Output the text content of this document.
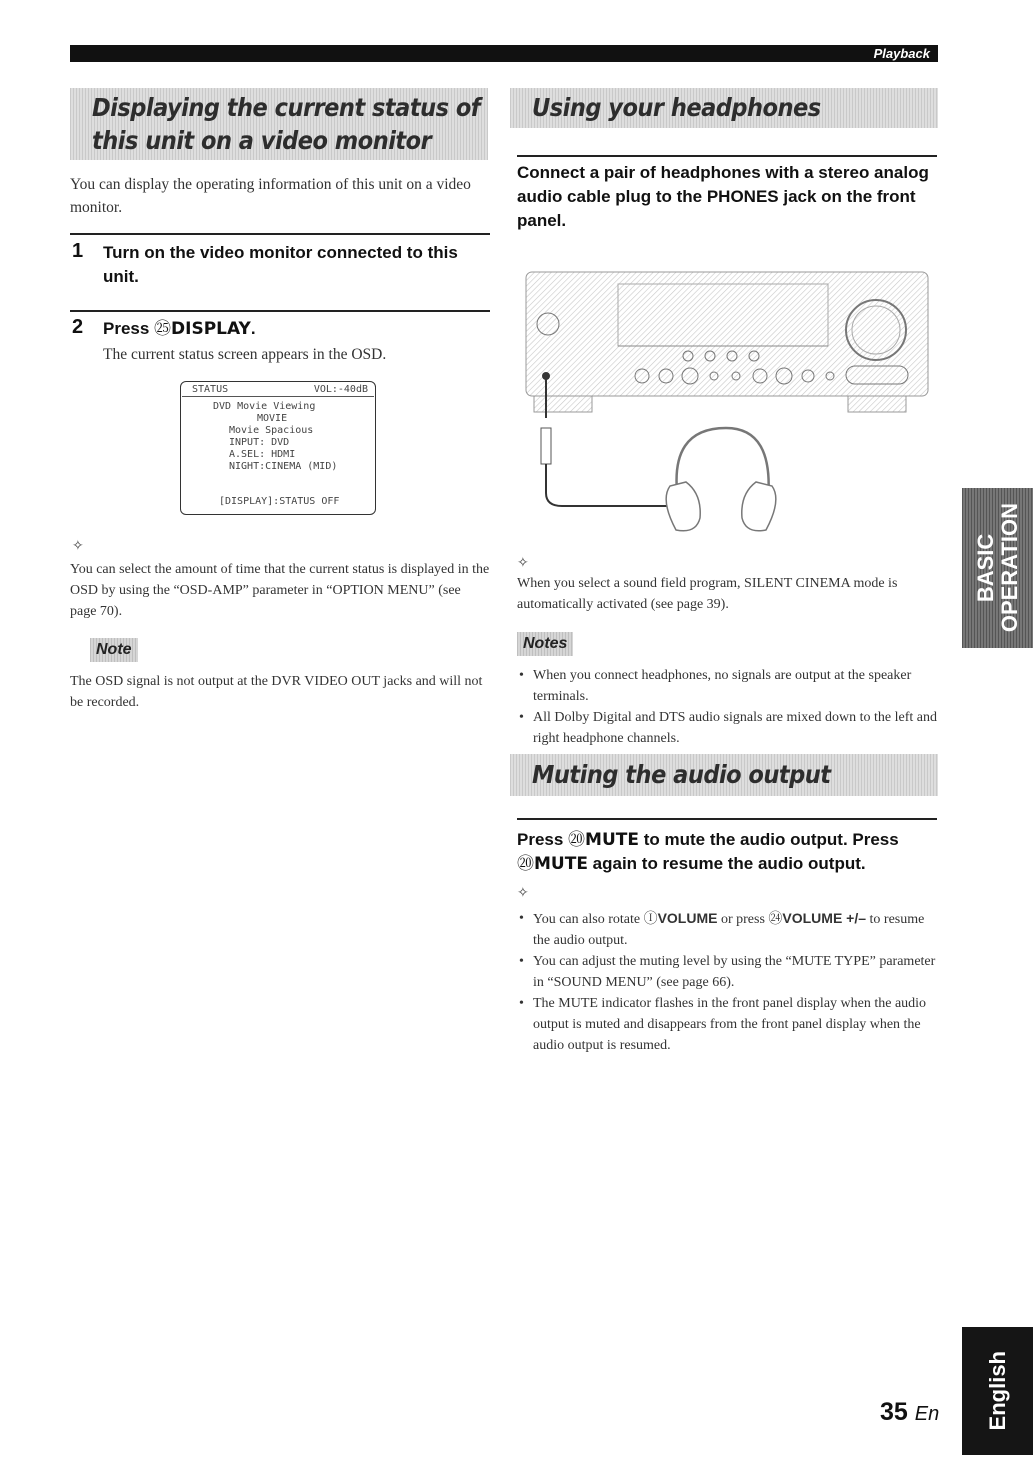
Playback
Displaying the current status of
this unit on a video monitor
You can display the operating information of this unit on a video monitor.
1 Turn on the video monitor connected to this unit.
2 Press ㉕DISPLAY.
The current status screen appears in the OSD.
STATUS	VOL:-40dB
DVD Movie Viewing
MOVIE
Movie Spacious
INPUT: DVD
A.SEL: HDMI
NIGHT:CINEMA (MID)
[DISPLAY]:STATUS OFF
✧
You can select the amount of time that the current status is displayed in the OSD by using the “OSD-AMP” parameter in “OPTION MENU” (see page 70).
Note
The OSD signal is not output at the DVR VIDEO OUT jacks and will not be recorded.
Using your headphones
Connect a pair of headphones with a stereo analog audio cable plug to the PHONES jack on the front panel.
✧
When you select a sound field program, SILENT CINEMA mode is automatically activated (see page 39).
Notes
• When you connect headphones, no signals are output at the speaker terminals.
• All Dolby Digital and DTS audio signals are mixed down to the left and right headphone channels.
Muting the audio output
Press ⑳MUTE to mute the audio output. Press ⑳MUTE again to resume the audio output.
✧
• You can also rotate ⒾVOLUME or press ㉔VOLUME +/– to resume the audio output.
• You can adjust the muting level by using the “MUTE TYPE” parameter in “SOUND MENU” (see page 66).
• The MUTE indicator flashes in the front panel display when the audio output is muted and disappears from the front panel display when the audio output is resumed.
BASIC
OPERATION
English
35 En
